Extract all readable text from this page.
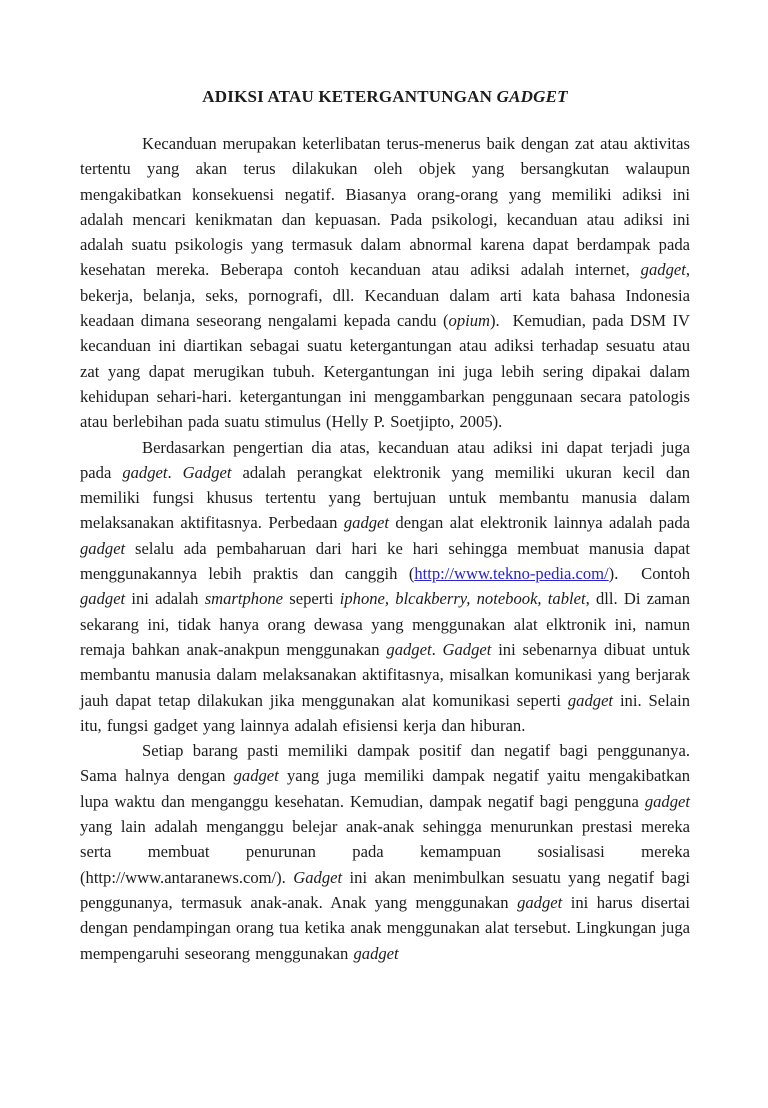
ADIKSI ATAU KETERGANTUNGAN GADGET

Kecanduan merupakan keterlibatan terus-menerus baik dengan zat atau aktivitas tertentu yang akan terus dilakukan oleh objek yang bersangkutan walaupun mengakibatkan konsekuensi negatif. Biasanya orang-orang yang memiliki adiksi ini adalah mencari kenikmatan dan kepuasan. Pada psikologi, kecanduan atau adiksi ini adalah suatu psikologis yang termasuk dalam abnormal karena dapat berdampak pada kesehatan mereka. Beberapa contoh kecanduan atau adiksi adalah internet, gadget, bekerja, belanja, seks, pornografi, dll. Kecanduan dalam arti kata bahasa Indonesia keadaan dimana seseorang nengalami kepada candu (opium).  Kemudian, pada DSM IV kecanduan ini diartikan sebagai suatu ketergantungan atau adiksi terhadap sesuatu atau zat yang dapat merugikan tubuh. Ketergantungan ini juga lebih sering dipakai dalam kehidupan sehari-hari. ketergantungan ini menggambarkan penggunaan secara patologis atau berlebihan pada suatu stimulus (Helly P. Soetjipto, 2005).

Berdasarkan pengertian dia atas, kecanduan atau adiksi ini dapat terjadi juga pada gadget. Gadget adalah perangkat elektronik yang memiliki ukuran kecil dan memiliki fungsi khusus tertentu yang bertujuan untuk membantu manusia dalam melaksanakan aktifitasnya. Perbedaan gadget dengan alat elektronik lainnya adalah pada gadget selalu ada pembaharuan dari hari ke hari sehingga membuat manusia dapat menggunakannya lebih praktis dan canggih (http://www.tekno-pedia.com/).  Contoh gadget ini adalah smartphone seperti iphone, blcakberry, notebook, tablet, dll. Di zaman sekarang ini, tidak hanya orang dewasa yang menggunakan alat elktronik ini, namun remaja bahkan anak-anakpun menggunakan gadget. Gadget ini sebenarnya dibuat untuk membantu manusia dalam melaksanakan aktifitasnya, misalkan komunikasi yang berjarak jauh dapat tetap dilakukan jika menggunakan alat komunikasi seperti gadget ini. Selain itu, fungsi gadget yang lainnya adalah efisiensi kerja dan hiburan.

Setiap barang pasti memiliki dampak positif dan negatif bagi penggunanya. Sama halnya dengan gadget yang juga memiliki dampak negatif yaitu mengakibatkan lupa waktu dan menganggu kesehatan. Kemudian, dampak negatif bagi pengguna gadget yang lain adalah menganggu belejar anak-anak sehingga menurunkan prestasi mereka serta membuat penurunan pada kemampuan sosialisasi mereka (http://www.antaranews.com/). Gadget ini akan menimbulkan sesuatu yang negatif bagi penggunanya, termasuk anak-anak. Anak yang menggunakan gadget ini harus disertai dengan pendampingan orang tua ketika anak menggunakan alat tersebut. Lingkungan juga mempengaruhi seseorang menggunakan gadget
